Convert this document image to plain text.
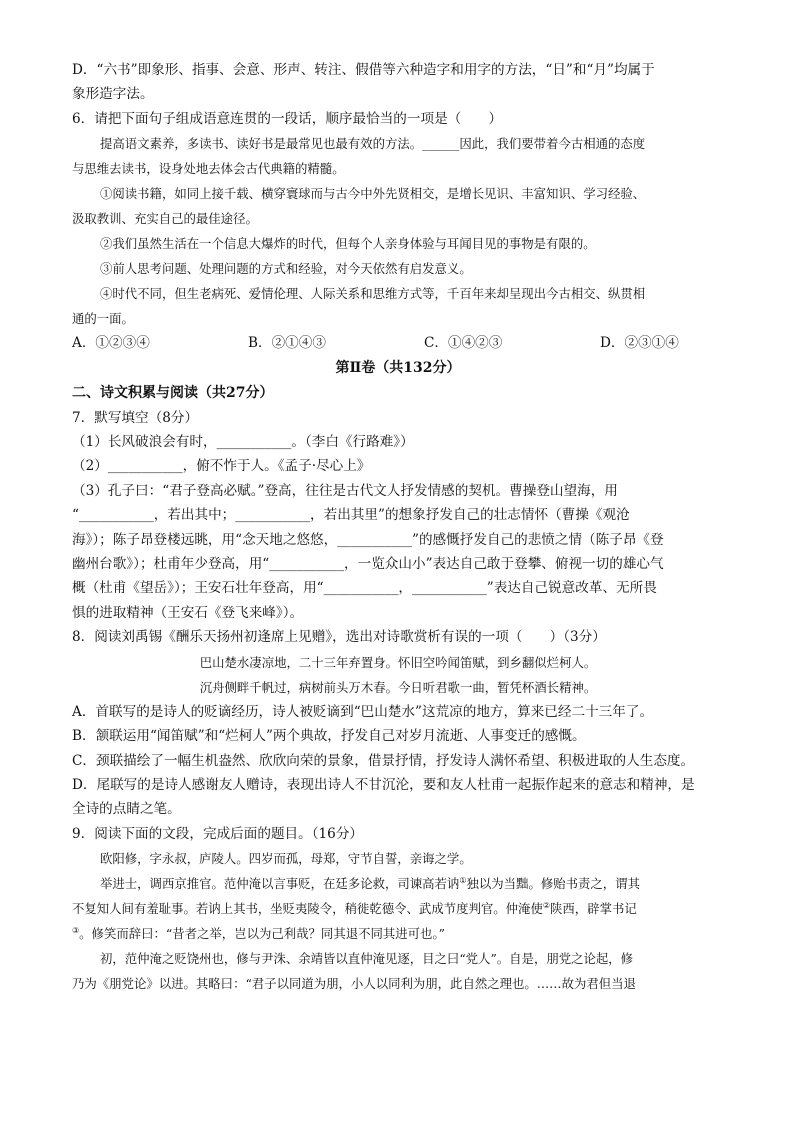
D．“六书”即象形、指事、会意、形声、转注、假借等六种造字和用字的方法，“日”和“月”均属于
象形造字法。
6．请把下面句子组成语意连贯的一段话，顺序最恰当的一项是（　　）
提高语文素养，多读书、读好书是最常见也最有效的方法。______因此，我们要带着今古相通的态度
与思维去读书，设身处地去体会古代典籍的精髓。
①阅读书籍，如同上接千载、横穿寰球而与古今中外先贤相交，是增长见识、丰富知识、学习经验、
汲取教训、充实自己的最佳途径。
②我们虽然生活在一个信息大爆炸的时代，但每个人亲身体验与耳闻目见的事物是有限的。
③前人思考问题、处理问题的方式和经验，对今天依然有启发意义。
④时代不同，但生老病死、爱情伦理、人际关系和思维方式等，千百年来却呈现出今古相交、纵贯相
通的一面。
A．①②③④	B．②①④③	C．①④②③	D．②③①④
第Ⅱ卷（共132分）
二、诗文积累与阅读（共27分）
7．默写填空（8分）
（1）长风破浪会有时，___________。（李白《行路难》）
（2）___________，俯不怍于人。《孟子·尽心上》
（3）孔子曰：“君子登高必赋。”登高，往往是古代文人抒发情感的契机。曹操登山望海，用
“___________，若出其中；___________，若出其里”的想象抒发自己的壮志情怀（曹操《观沧
海》）；陈子昂登楼远眺，用“念天地之悠悠，___________”的感慨抒发自己的悲愤之情（陈子昂《登
幽州台歌》）；杜甫年少登高，用“___________，一览众山小”表达自己敢于登攀、俯视一切的雄心气
概（杜甫《望岳》）；王安石壮年登高，用“___________，___________”表达自己锐意改革、无所畏
惧的进取精神（王安石《登飞来峰》）。
8．阅读刘禹锡《酬乐天扬州初逢席上见赠》，选出对诗歌赏析有误的一项（　　）（3分）
巴山楚水凄凉地，二十三年弃置身。怀旧空吟闻笛赋，到乡翻似烂柯人。
沉舟侧畔千帆过，病树前头万木春。今日听君歌一曲，暂凭杯酒长精神。
A．首联写的是诗人的贬谪经历，诗人被贬谪到“巴山楚水”这荒凉的地方，算来已经二十三年了。
B．颔联运用“闻笛赋”和“烂柯人”两个典故，抒发自己对岁月流逝、人事变迁的感慨。
C．颈联描绘了一幅生机盎然、欣欣向荣的景象，借景抒情，抒发诗人满怀希望、积极进取的人生态度。
D．尾联写的是诗人感谢友人赠诗，表现出诗人不甘沉沦，要和友人杜甫一起振作起来的意志和精神，是
全诗的点睛之笔。
9．阅读下面的文段，完成后面的题目。（16分）
欧阳修，字永叔，庐陵人。四岁而孤，母郑，守节自誓，亲诲之学。
举进士，调西京推官。范仲淹以言事贬，在廷多论救，司谏高若讷①独以为当黜。修贻书责之，谓其
不复知人间有羞耻事。若讷上其书，坐贬夷陵令，稍徙乾德令、武成节度判官。仲淹使②陕西，辟掌书记
③。修笑而辞曰：“昔者之举，岂以为己利哉？同其退不同其进可也。”
初，范仲淹之贬饶州也，修与尹洙、余靖皆以直仲淹见逐，目之曰“党人”。自是，朋党之论起，修
乃为《朋党论》以进。其略曰：“君子以同道为朋，小人以同利为朋，此自然之理也。……故为君但当退
